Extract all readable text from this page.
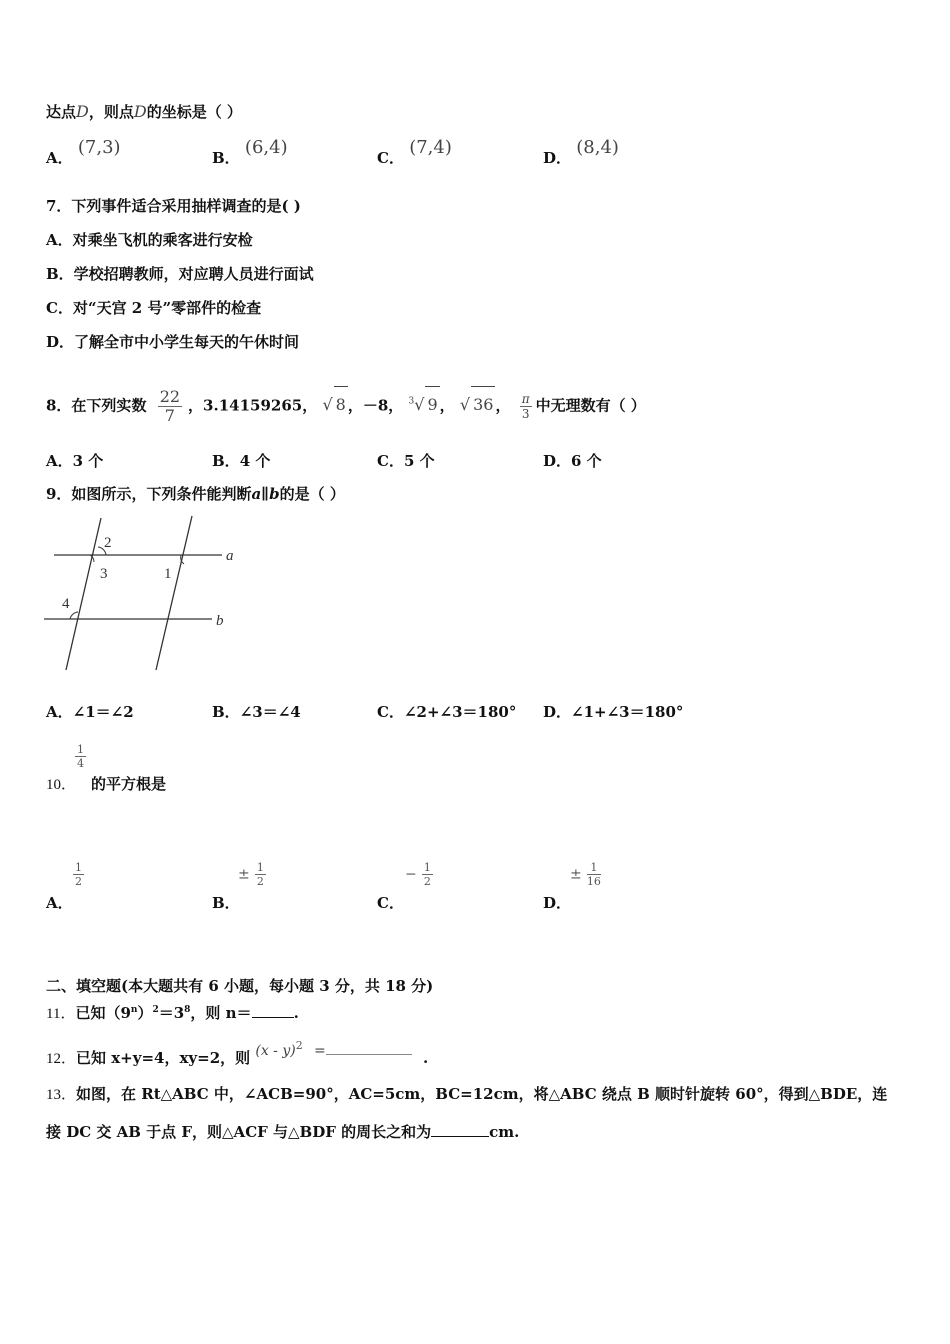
达点D，则点D的坐标是（ ）
A． (7,3)	B． (6,4)	C． (7,4)	D． (8,4)
7．下列事件适合采用抽样调查的是( )
A．对乘坐飞机的乘客进行安检
B．学校招聘教师，对应聘人员进行面试
C．对“天宫 2 号”零部件的检查
D．了解全市中小学生每天的午休时间
8．在下列实数 $\frac{22}{7}$ ，3.14159265， √ 8 ，－8， $^3$√ 9 ， √ 36 ， $\frac{\pi}{3}$ 中无理数有（ ）
A．3 个	B．4 个	C．5 个	D．6 个
9．如图所示，下列条件能判断a∥b的是（ ）
2
3	1
4
a
b
A．∠1＝∠2	B．∠3＝∠4	C．∠2+∠3＝180° D．∠1+∠3＝180°
10．
$\frac{1}{4}$
的平方根是
A．
$\frac{1}{2}$
B．
± $\frac{1}{2}$
C．
− $\frac{1}{2}$
D．
± $\frac{1}{16}$
二、填空题(本大题共有 6 小题，每小题 3 分，共 18 分)
11．已知$(9^n)^2=3^8$，则 n＝	.
12．已知 x+y=4，xy=2，则 (x - y)$^2$ =	.
13．如图，在 Rt△ABC 中，∠ACB=90°，AC=5cm，BC=12cm，将△ABC 绕点 B 顺时针旋转 60°，得到△BDE，连
接 DC 交 AB 于点 F，则△ACF 与△BDF 的周长之和为	cm.
